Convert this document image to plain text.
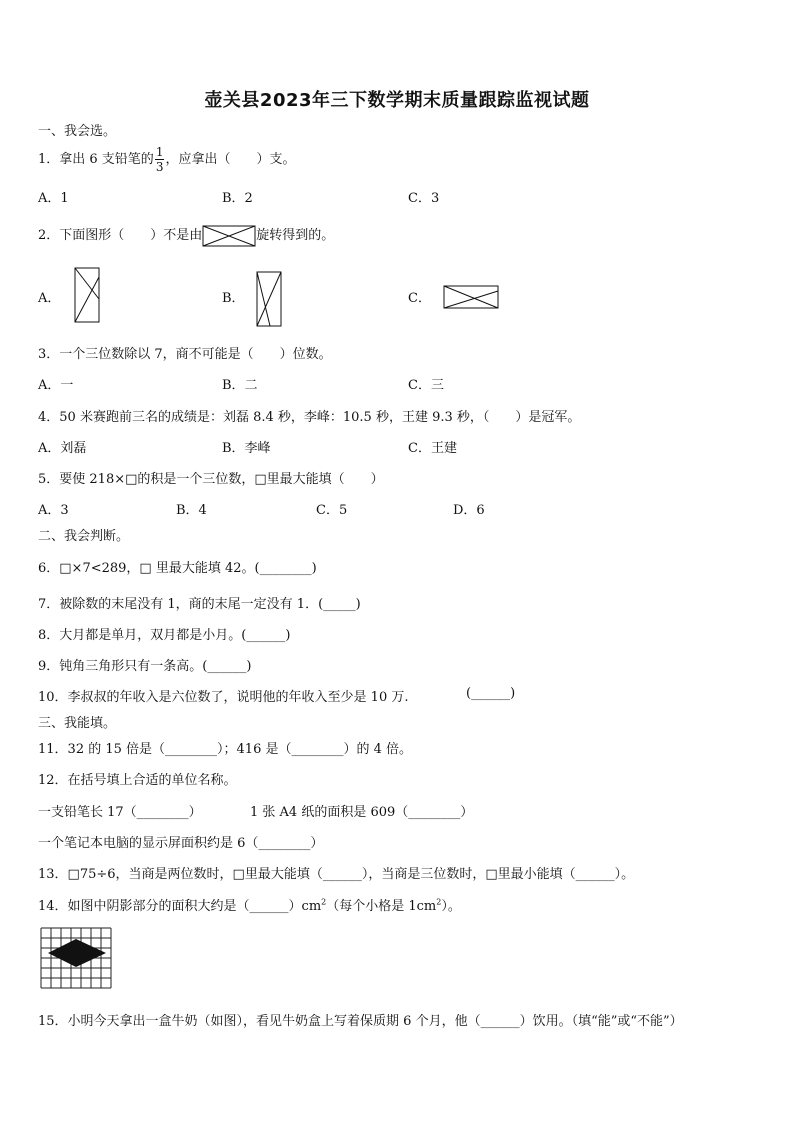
壶关县2023年三下数学期末质量跟踪监视试题
一、我会选。
1．拿出 6 支铅笔的 $\frac{1}{3}$ ，应拿出（　　）支。
A．1	B．2	C．3
2．下面图形（　　）不是由	旋转得到的。
A．	B．	C．
3．一个三位数除以 7，商不可能是（　　）位数。
A．一	B．二	C．三
4．50 米赛跑前三名的成绩是：刘磊 8.4 秒，李峰：10.5 秒，王建 9.3 秒，（　　）是冠军。
A．刘磊	B．李峰	C．王建
5．要使 218×□的积是一个三位数，□里最大能填（　　）
A．3	B．4	C．5	D．6
二、我会判断。
6．□×7<289，□ 里最大能填 42。(________)
7．被除数的末尾没有 1，商的末尾一定没有 1．(_____)
8．大月都是单月，双月都是小月。(______)
9．钝角三角形只有一条高。(______)
10．李叔叔的年收入是六位数了，说明他的年收入至少是 10 万.	(______)
三、我能填。
11．32 的 15 倍是（________）；416 是（________）的 4 倍。
12．在括号填上合适的单位名称。
一支铅笔长 17（________）	1 张 A4 纸的面积是 609（________）
一个笔记本电脑的显示屏面积约是 6（________）
13．□75÷6，当商是两位数时，□里最大能填（______），当商是三位数时，□里最小能填（______）。
14．如图中阴影部分的面积大约是$(\_\_\_\_\_\_)cm^2$（每个小格是 $1cm^2$）。
15．小明今天拿出一盒牛奶（如图），看见牛奶盒上写着保质期 6 个月，他（______）饮用。（填“能”或“不能”）
